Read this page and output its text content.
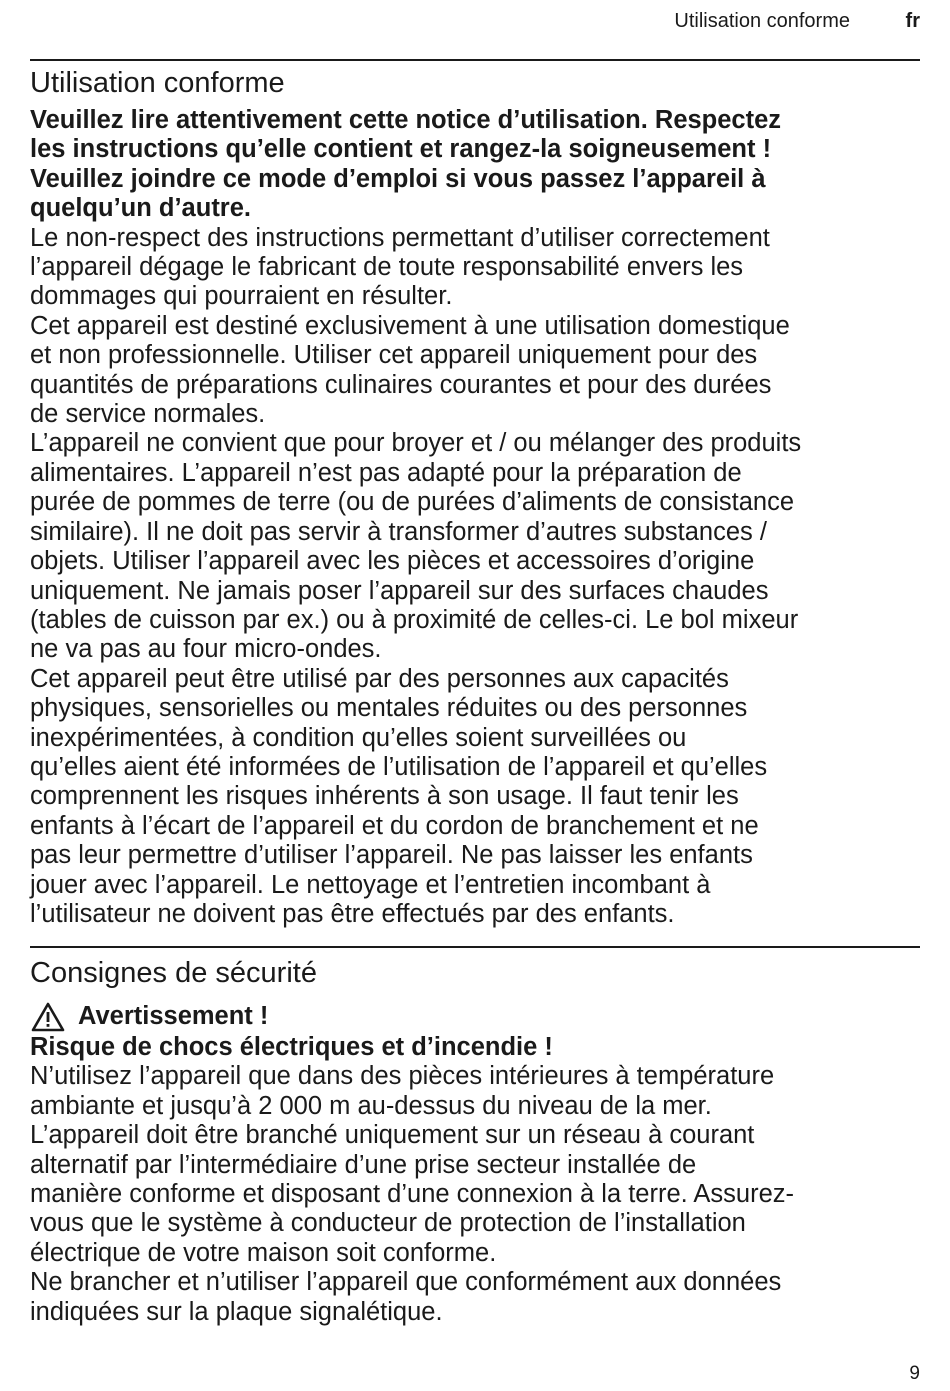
Utilisation conforme	fr
Utilisation conforme

Veuillez lire attentivement cette notice d’utilisation. Respectez
les instructions qu’elle contient et rangez-la soigneusement !
Veuillez joindre ce mode d’emploi si vous passez l’appareil à
quelqu’un d’autre.

Le non-respect des instructions permettant d’utiliser correctement
l’appareil dégage le fabricant de toute responsabilité envers les
dommages qui pourraient en résulter.

Cet appareil est destiné exclusivement à une utilisation domestique
et non professionnelle. Utiliser cet appareil uniquement pour des
quantités de préparations culinaires courantes et pour des durées
de service normales.

L’appareil ne convient que pour broyer et / ou mélanger des produits
alimentaires. L’appareil n’est pas adapté pour la préparation de
purée de pommes de terre (ou de purées d’aliments de consistance
similaire). Il ne doit pas servir à transformer d’autres substances /
objets. Utiliser l’appareil avec les pièces et accessoires d’origine
uniquement. Ne jamais poser l’appareil sur des surfaces chaudes
(tables de cuisson par ex.) ou à proximité de celles-ci. Le bol mixeur
ne va pas au four micro-ondes.

Cet appareil peut être utilisé par des personnes aux capacités
physiques, sensorielles ou mentales réduites ou des personnes
inexpérimentées, à condition qu’elles soient surveillées ou
qu’elles aient été informées de l’utilisation de l’appareil et qu’elles
comprennent les risques inhérents à son usage. Il faut tenir les
enfants à l’écart de l’appareil et du cordon de branchement et ne
pas leur permettre d’utiliser l’appareil. Ne pas laisser les enfants
jouer avec l’appareil. Le nettoyage et l’entretien incombant à
l’utilisateur ne doivent pas être effectués par des enfants.

Consignes de sécurité
Avertissement !

Risque de chocs électriques et d’incendie !

N’utilisez l’appareil que dans des pièces intérieures à température
ambiante et jusqu’à 2 000 m au-dessus du niveau de la mer.

L’appareil doit être branché uniquement sur un réseau à courant
alternatif par l’intermédiaire d’une prise secteur installée de
manière conforme et disposant d’une connexion à la terre. Assurez-
vous que le système à conducteur de protection de l’installation
électrique de votre maison soit conforme.

Ne brancher et n’utiliser l’appareil que conformément aux données
indiquées sur la plaque signalétique.

9
